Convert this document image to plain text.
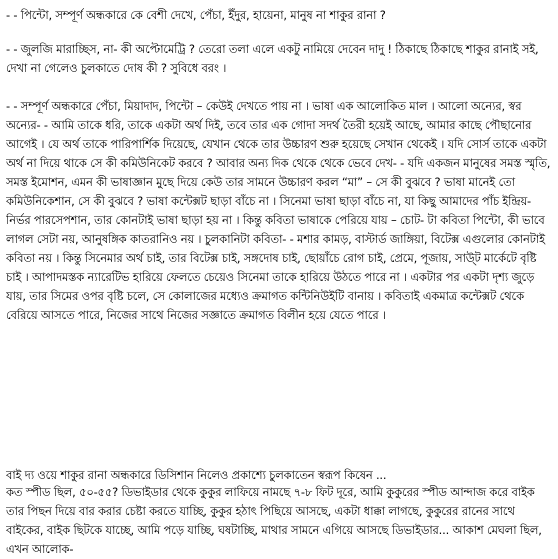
- - পিন্টো, সম্পূর্ণ অন্ধকারে কে বেশী দেখে, পেঁচা, ইঁদুর, হায়েনা, মানুষ না শাকুর রানা ?

- - জুলজি মারাচ্ছিস, না- কী অপ্টোমেট্রি ? তেরো তলা এলে একটু নামিয়ে দেবেন দাদু ! ঠিকাছে ঠিকাছে শাকুর রানাই সই, দেখা না গেলেও চুলকাতে দোষ কী ? সুবিধে বরং ।

- - সম্পূর্ণ অন্ধকারে পেঁচা, মিয়াদাদ, পিন্টো – কেউই দেখতে পায় না । ভাষা এক আলোকিত মাল । আলো অন্যের, স্বর অন্যের- - আমি তাকে ধরি, তাকে একটা অর্থ দিই, তবে তার এক গোদা সদর্থ তৈরী হয়েই আছে, আমার কাছে পৌছানোর আগেই । যে অর্থ তাকে পারিপার্শিক দিয়েছে, যেখান থেকে তার উচ্চারণ শুরু হয়েছে সেখান থেকেই । যদি সোর্স তাকে একটা অর্থ না দিয়ে থাকে সে কী কমিউনিকেট করবে ? আবার অন্য দিক থেকে থেকে ভেবে দেখ- - যদি একজন মানুষের সমস্ত স্মৃতি, সমস্ত ইমোশন, এমন কী ভাষাজ্ঞান মুছে দিয়ে কেউ তার সামনে উচ্চারণ করল “মা” – সে কী বুঝবে ? ভাষা মানেই তো কমিউনিকেশান, সে কী বুঝবে ? ভাষা কন্টেক্সট ছাড়া বাঁচে না । সিনেমা ভাষা ছাড়া বাঁচে না, যা কিছু আমাদের পাঁচ ইন্দ্রিয়- নির্ভর পারসেপশান, তার কোনটাই ভাষা ছাড়া হয় না । কিন্তু কবিতা ভাষাকে পেরিয়ে যায় – চোট- টা কবিতা পিন্টো, কী ভাবে লাগল সেটা নয়, আনুষঙ্গিক কাতরানিও নয় । চুলকানিটা কবিতা- - মশার কামড়, বাস্টার্ড জাঙ্গিয়া, বিটেক্স এগুলোর কোনটাই কবিতা নয় । কিন্তু সিনেমার অর্থ চাই, তার বিটেক্স চাই, সঙ্গদোষ চাই, ছোয়াঁচে রোগ চাই, প্রেমে, পূজায়, সাউ্ট মার্কেটে বৃষ্টি চাই । আপাদমস্তক ন্যারেটিভ হারিয়ে ফেলতে চেয়েও সিনেমা তাকে হারিয়ে উঠতে পারে না । একটার পর একটা দৃশ্য জুড়ে যায়, তার সিমের ওপর বৃষ্টি চলে, সে কোলাজের মধ্যেও ক্রমাগত কন্টিনিউইটি বানায় । কবিতাই একমাত্র কন্টেক্সট থেকে বেরিয়ে আসতে পারে, নিজের সাথে নিজের সজ্ঞাতে ক্রমাগত বিলীন হয়ে যেতে পারে ।

বাই দ্য ওয়ে শাকুর রানা অন্ধকারে ডিসিশান নিলেও প্রকাশ্যে চুলকাতেন স্বরূপ কিষেন ...

কত স্পীড ছিল, ৫০-৫৫? ডিভাইডার থেকে কুকুর লাফিয়ে নামছে ৭-৮ ফিট দূরে, আমি কুকুরের স্পীড আন্দাজ করে বাইক তার পিছন দিয়ে বার করার চেষ্টা করতে যাচ্ছি, কুকুর হঠাৎ পিছিয়ে আসছে, একটা ধাক্কা লাগছে, কুকুরের রানের সাথে বাইকের, বাইক ছিটকে যাচ্ছে, আমি পড়ে যাচ্ছি, ঘষটাচ্ছি, মাথার সামনে এগিয়ে আসছে ডিভাইডার... আকাশ মেঘলা ছিল, এখন আলোক-
